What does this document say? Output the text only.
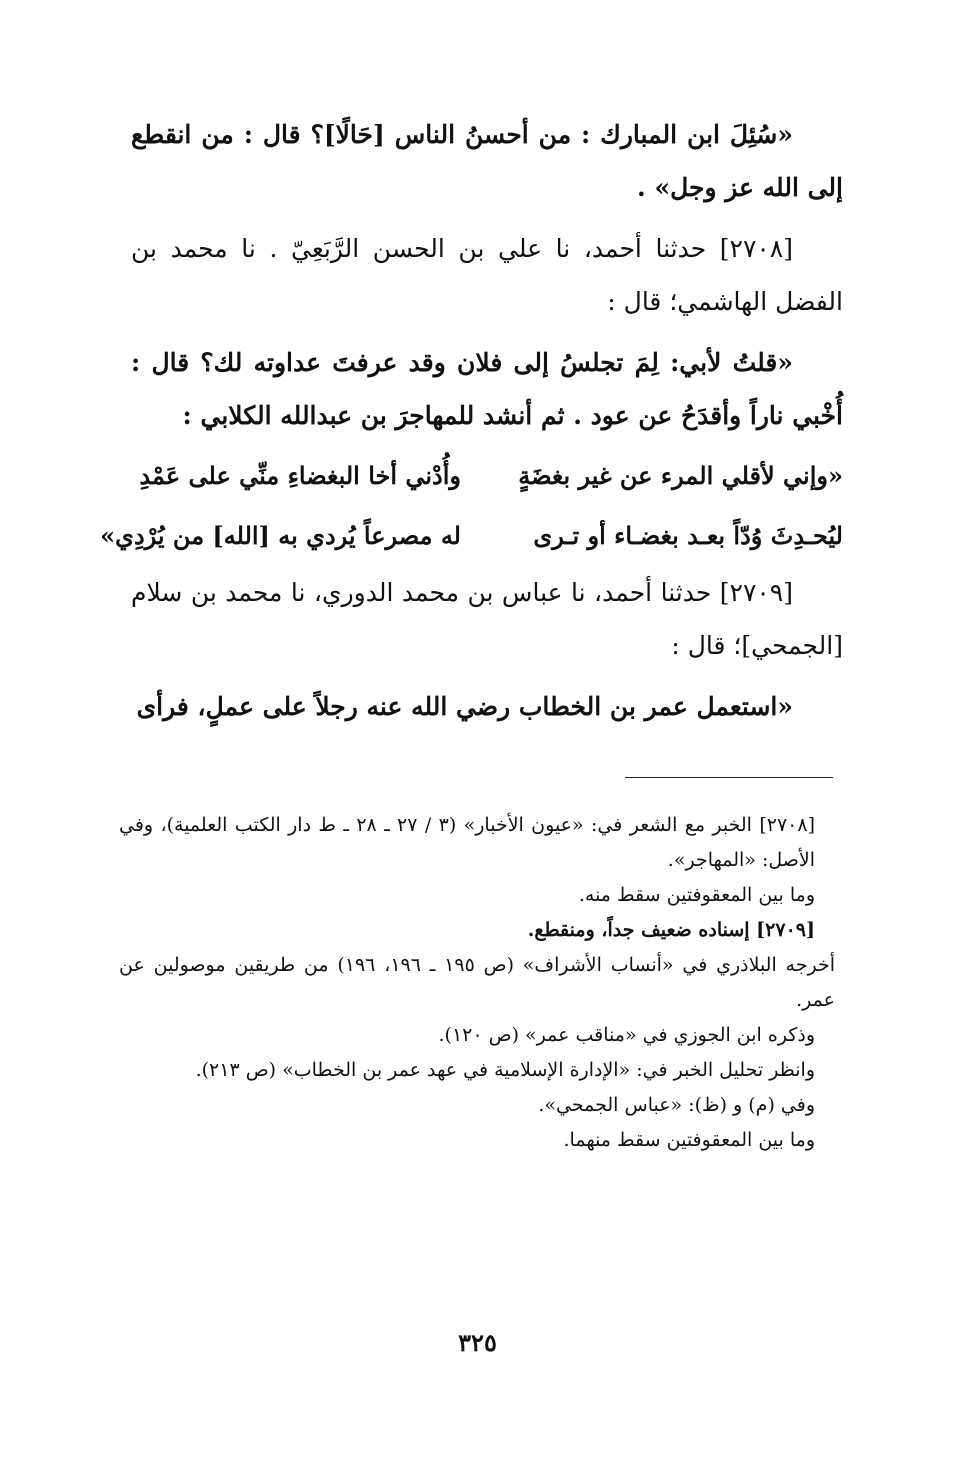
«سُئِلَ ابن المبارك : من أحسنُ الناس [حَالًا]؟ قال : من انقطع إلى الله عز وجل» .

[٢٧٠٨] حدثنا أحمد، نا علي بن الحسن الرَّبَعِيّ . نا محمد بن الفضل الهاشمي؛ قال :

«قلتُ لأبي: لِمَ تجلسُ إلى فلان وقد عرفتَ عداوته لك؟ قال : أُخْبي ناراً وأقدَحُ عن عود . ثم أنشد للمهاجرَ بن عبدالله الكلابي :

«وإني لأقلي المرء عن غير بغضَةٍ
وأُدْني أخا البغضاءِ منِّي على عَمْدِ
ليُحـدِثَ وُدّاً بعـد بغضـاء أو تـرى
له مصرعاً يُردي به [الله] من يُرْدِي»

[٢٧٠٩] حدثنا أحمد، نا عباس بن محمد الدوري، نا محمد بن سلام [الجمحي]؛ قال :

«استعمل عمر بن الخطاب رضي الله عنه رجلاً على عملٍ، فرأى

[٢٧٠٨] الخبر مع الشعر في: «عيون الأخبار» (٣ / ٢٧ ـ ٢٨ ـ ط دار الكتب العلمية)، وفي الأصل: «المهاجر».

وما بين المعقوفتين سقط منه.

[٢٧٠٩] إسناده ضعيف جداً، ومنقطع.

أخرجه البلاذري في «أنساب الأشراف» (ص ١٩٥ ـ ١٩٦، ١٩٦) من طريقين موصولين عن عمر.

وذكره ابن الجوزي في «مناقب عمر» (ص ١٢٠).

وانظر تحليل الخبر في: «الإدارة الإسلامية في عهد عمر بن الخطاب» (ص ٢١٣).

وفي (م) و (ظ): «عباس الجمحي».

وما بين المعقوفتين سقط منهما.

٣٢٥
